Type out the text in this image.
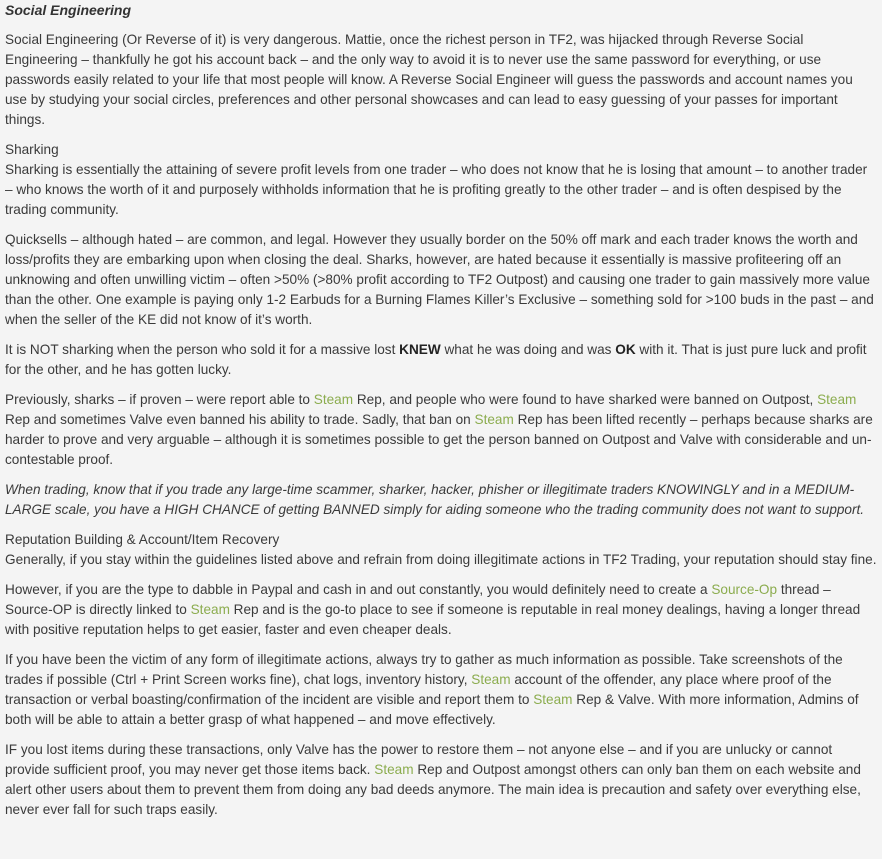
Social Engineering

Social Engineering (Or Reverse of it) is very dangerous. Mattie, once the richest person in TF2, was hijacked through Reverse Social Engineering – thankfully he got his account back – and the only way to avoid it is to never use the same password for everything, or use passwords easily related to your life that most people will know. A Reverse Social Engineer will guess the passwords and account names you use by studying your social circles, preferences and other personal showcases and can lead to easy guessing of your passes for important things.

Sharking
Sharking is essentially the attaining of severe profit levels from one trader – who does not know that he is losing that amount – to another trader – who knows the worth of it and purposely withholds information that he is profiting greatly to the other trader – and is often despised by the trading community.

Quicksells – although hated – are common, and legal. However they usually border on the 50% off mark and each trader knows the worth and loss/profits they are embarking upon when closing the deal. Sharks, however, are hated because it essentially is massive profiteering off an unknowing and often unwilling victim – often >50% (>80% profit according to TF2 Outpost) and causing one trader to gain massively more value than the other. One example is paying only 1-2 Earbuds for a Burning Flames Killer’s Exclusive – something sold for >100 buds in the past – and when the seller of the KE did not know of it’s worth.

It is NOT sharking when the person who sold it for a massive lost KNEW what he was doing and was OK with it. That is just pure luck and profit for the other, and he has gotten lucky.

Previously, sharks – if proven – were report able to Steam Rep, and people who were found to have sharked were banned on Outpost, Steam Rep and sometimes Valve even banned his ability to trade. Sadly, that ban on Steam Rep has been lifted recently – perhaps because sharks are harder to prove and very arguable – although it is sometimes possible to get the person banned on Outpost and Valve with considerable and un-contestable proof.

When trading, know that if you trade any large-time scammer, sharker, hacker, phisher or illegitimate traders KNOWINGLY and in a MEDIUM-LARGE scale, you have a HIGH CHANCE of getting BANNED simply for aiding someone who the trading community does not want to support.

Reputation Building & Account/Item Recovery
Generally, if you stay within the guidelines listed above and refrain from doing illegitimate actions in TF2 Trading, your reputation should stay fine.

However, if you are the type to dabble in Paypal and cash in and out constantly, you would definitely need to create a Source-Op thread – Source-OP is directly linked to Steam Rep and is the go-to place to see if someone is reputable in real money dealings, having a longer thread with positive reputation helps to get easier, faster and even cheaper deals.

If you have been the victim of any form of illegitimate actions, always try to gather as much information as possible. Take screenshots of the trades if possible (Ctrl + Print Screen works fine), chat logs, inventory history, Steam account of the offender, any place where proof of the transaction or verbal boasting/confirmation of the incident are visible and report them to Steam Rep & Valve. With more information, Admins of both will be able to attain a better grasp of what happened – and move effectively.

IF you lost items during these transactions, only Valve has the power to restore them – not anyone else – and if you are unlucky or cannot provide sufficient proof, you may never get those items back. Steam Rep and Outpost amongst others can only ban them on each website and alert other users about them to prevent them from doing any bad deeds anymore. The main idea is precaution and safety over everything else, never ever fall for such traps easily.
